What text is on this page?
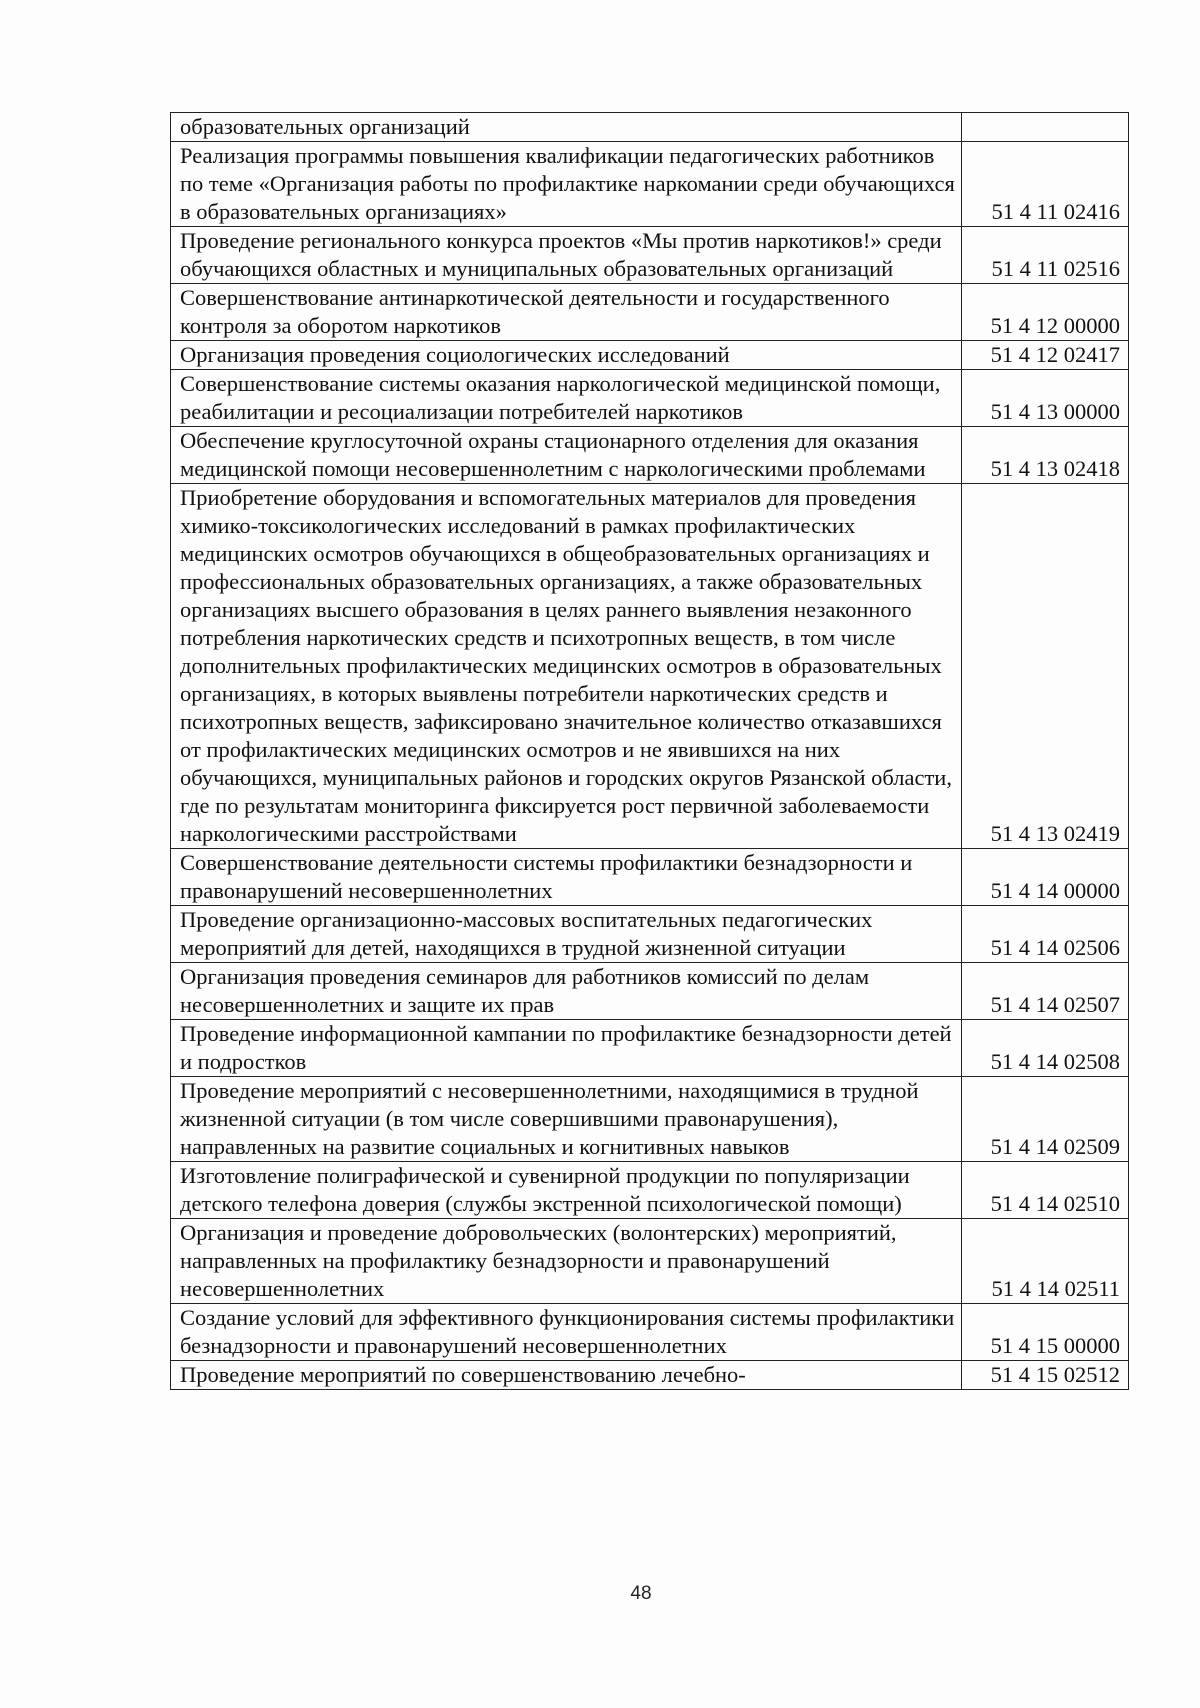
образовательных организаций	

Реализация программы повышения квалификации педагогических работников по теме «Организация работы по профилактике наркомании среди обучающихся в образовательных организациях»	51 4 11 02416

Проведение регионального конкурса проектов «Мы против наркотиков!» среди обучающихся областных и муниципальных образовательных организаций	51 4 11 02516

Совершенствование антинаркотической деятельности и государственного контроля за оборотом наркотиков	51 4 12 00000

Организация проведения социологических исследований	51 4 12 02417

Совершенствование системы оказания наркологической медицинской помощи, реабилитации и ресоциализации потребителей наркотиков	51 4 13 00000

Обеспечение круглосуточной охраны стационарного отделения для оказания медицинской помощи несовершеннолетним с наркологическими проблемами	51 4 13 02418

Приобретение оборудования и вспомогательных материалов для проведения химико-токсикологических исследований в рамках профилактических медицинских осмотров обучающихся в общеобразовательных организациях и профессиональных образовательных организациях, а также образовательных организациях высшего образования в целях раннего выявления незаконного потребления наркотических средств и психотропных веществ, в том числе дополнительных профилактических медицинских осмотров в образовательных организациях, в которых выявлены потребители наркотических средств и психотропных веществ, зафиксировано значительное количество отказавшихся от профилактических медицинских осмотров и не явившихся на них обучающихся, муниципальных районов и городских округов Рязанской области, где по результатам мониторинга фиксируется рост первичной заболеваемости наркологическими расстройствами	51 4 13 02419

Совершенствование деятельности системы профилактики безнадзорности и правонарушений несовершеннолетних	51 4 14 00000

Проведение организационно-массовых воспитательных педагогических мероприятий для детей, находящихся в трудной жизненной ситуации	51 4 14 02506

Организация проведения семинаров для работников комиссий по делам несовершеннолетних и защите их прав	51 4 14 02507

Проведение информационной кампании по профилактике безнадзорности детей и подростков	51 4 14 02508

Проведение мероприятий с несовершеннолетними, находящимися в трудной жизненной ситуации (в том числе совершившими правонарушения), направленных на развитие социальных и когнитивных навыков	51 4 14 02509

Изготовление полиграфической и сувенирной продукции по популяризации детского телефона доверия (службы экстренной психологической помощи)	51 4 14 02510

Организация и проведение добровольческих (волонтерских) мероприятий, направленных на профилактику безнадзорности и правонарушений несовершеннолетних	51 4 14 02511

Создание условий для эффективного функционирования системы профилактики безнадзорности и правонарушений несовершеннолетних	51 4 15 00000

Проведение мероприятий по совершенствованию лечебно-	51 4 15 02512
48
